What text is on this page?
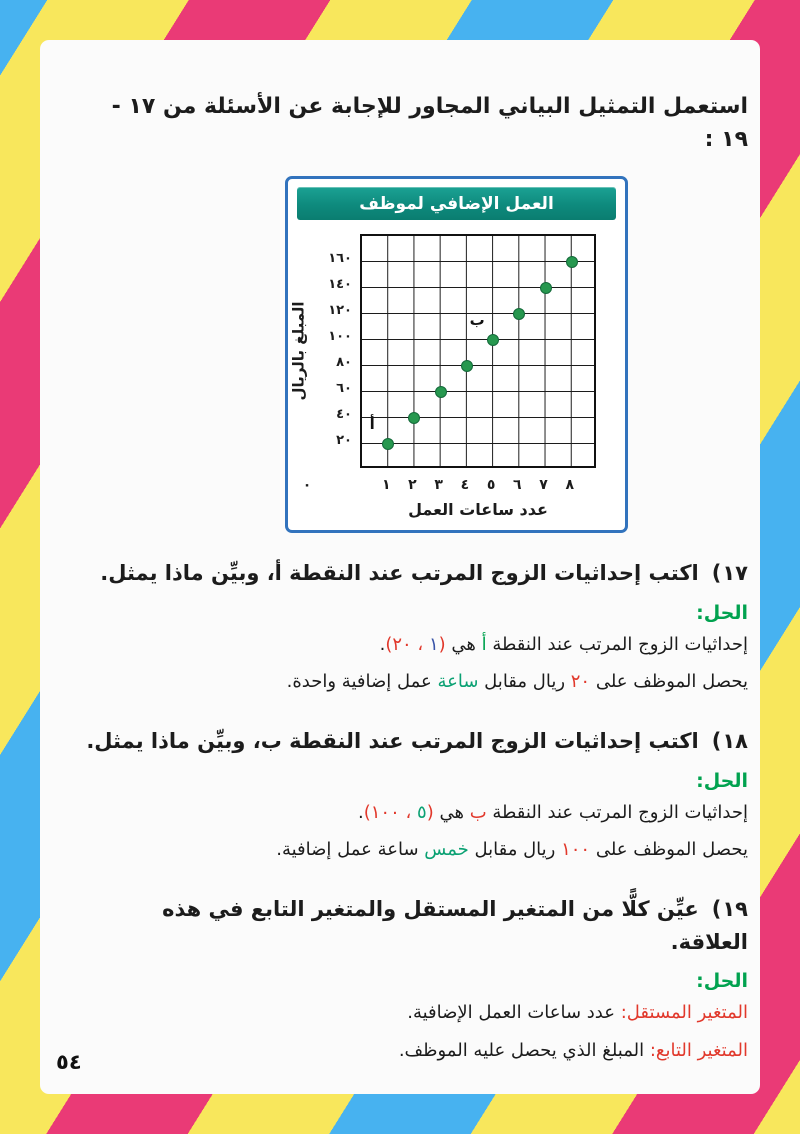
استعمل التمثيل البياني المجاور للإجابة عن الأسئلة من ١٧ - ١٩ :
العمل الإضافي لموظف
المبلغ بالريال
٢٠
٤٠
٦٠
٨٠
١٠٠
١٢٠
١٤٠
١٦٠
أ
ب
٠	١	٢	٣	٤	٥	٦	٧	٨
عدد ساعات العمل
١٧)اكتب إحداثيات الزوج المرتب عند النقطة أ، وبيِّن ماذا يمثل.
الحل:
إحداثيات الزوج المرتب عند النقطة أ هي (١ ، ٢٠).
يحصل الموظف على ٢٠ ريال مقابل ساعة عمل إضافية واحدة.
١٨)اكتب إحداثيات الزوج المرتب عند النقطة ب، وبيِّن ماذا يمثل.
الحل:
إحداثيات الزوج المرتب عند النقطة ب هي (٥ ، ١٠٠).
يحصل الموظف على ١٠٠ ريال مقابل خمس ساعة عمل إضافية.
١٩)عيِّن كلًّا من المتغير المستقل والمتغير التابع في هذه العلاقة.
الحل:
المتغير المستقل: عدد ساعات العمل الإضافية.
المتغير التابع: المبلغ الذي يحصل عليه الموظف.
٥٤
